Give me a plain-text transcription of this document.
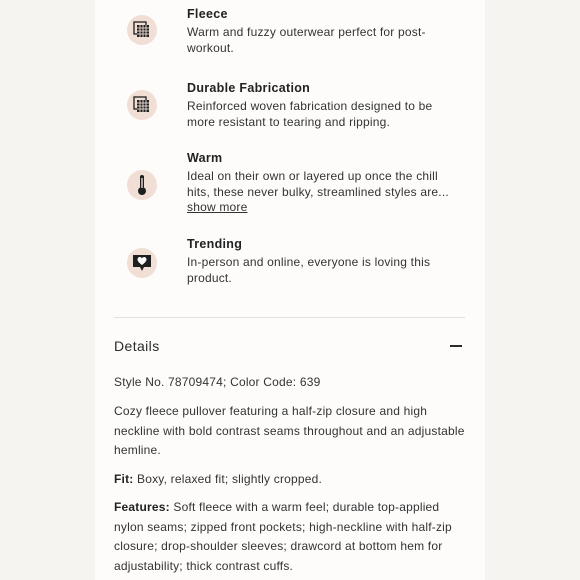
Fleece
Warm and fuzzy outerwear perfect for post-workout.
Durable Fabrication
Reinforced woven fabrication designed to be more resistant to tearing and ripping.
Warm
Ideal on their own or layered up once the chill hits, these never bulky, streamlined styles are...
show more
Trending
In-person and online, everyone is loving this product.
Details

Style No. 78709474; Color Code: 639

Cozy fleece pullover featuring a half-zip closure and high neckline with bold contrast seams throughout and an adjustable hemline.

Fit: Boxy, relaxed fit; slightly cropped.

Features: Soft fleece with a warm feel; durable top-applied nylon seams; zipped front pockets; high-neckline with half-zip closure; drop-shoulder sleeves; drawcord at bottom hem for adjustability; thick contrast cuffs.
